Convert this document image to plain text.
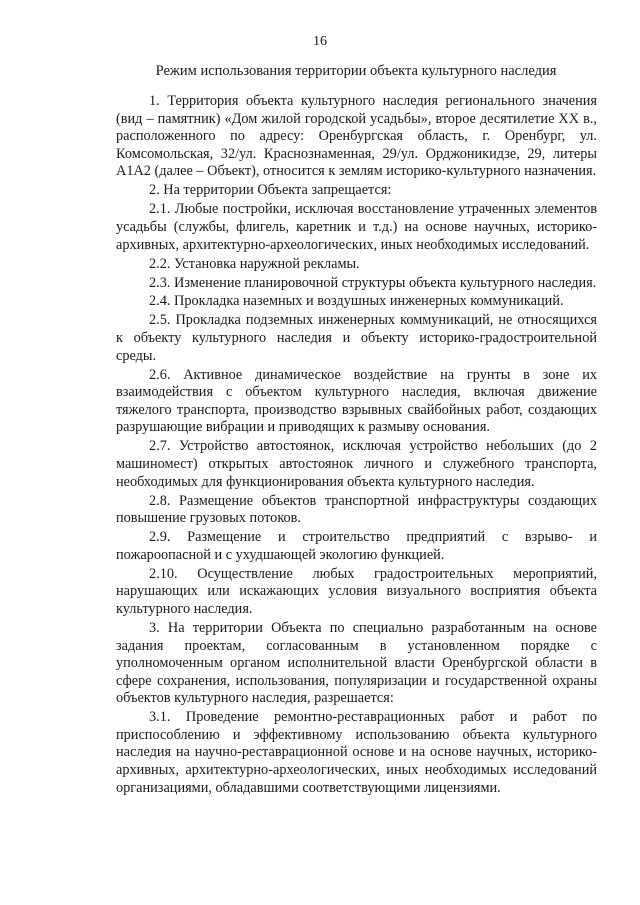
16
Режим использования территории объекта культурного наследия

1. Территория объекта культурного наследия регионального значения (вид – памятник) «Дом жилой городской усадьбы», второе десятилетие XX в., расположенного по адресу: Оренбургская область, г. Оренбург, ул. Комсомольская, 32/ул. Краснознаменная, 29/ул. Орджоникидзе, 29, литеры А1А2 (далее – Объект), относится к землям историко-культурного назначения.

2. На территории Объекта запрещается:

2.1. Любые постройки, исключая восстановление утраченных элементов усадьбы (службы, флигель, каретник и т.д.) на основе научных, историко-архивных, архитектурно-археологических, иных необходимых исследований.

2.2. Установка наружной рекламы.

2.3. Изменение планировочной структуры объекта культурного наследия.

2.4. Прокладка наземных и воздушных инженерных коммуникаций.

2.5. Прокладка подземных инженерных коммуникаций, не относящихся к объекту культурного наследия и объекту историко-градостроительной среды.

2.6. Активное динамическое воздействие на грунты в зоне их взаимодействия с объектом культурного наследия, включая движение тяжелого транспорта, производство взрывных свайбойных работ, создающих разрушающие вибрации и приводящих к размыву основания.

2.7. Устройство автостоянок, исключая устройство небольших (до 2 машиномест) открытых автостоянок личного и служебного транспорта, необходимых для функционирования объекта культурного наследия.

2.8. Размещение объектов транспортной инфраструктуры создающих повышение грузовых потоков.

2.9. Размещение и строительство предприятий с взрыво- и пожароопасной и с ухудшающей экологию функцией.

2.10. Осуществление любых градостроительных мероприятий, нарушающих или искажающих условия визуального восприятия объекта культурного наследия.

3. На территории Объекта по специально разработанным на основе задания проектам, согласованным в установленном порядке с уполномоченным органом исполнительной власти Оренбургской области в сфере сохранения, использования, популяризации и государственной охраны объектов культурного наследия, разрешается:

3.1. Проведение ремонтно-реставрационных работ и работ по приспособлению и эффективному использованию объекта культурного наследия на научно-реставрационной основе и на основе научных, историко-архивных, архитектурно-археологических, иных необходимых исследований организациями, обладавшими соответствующими лицензиями.
